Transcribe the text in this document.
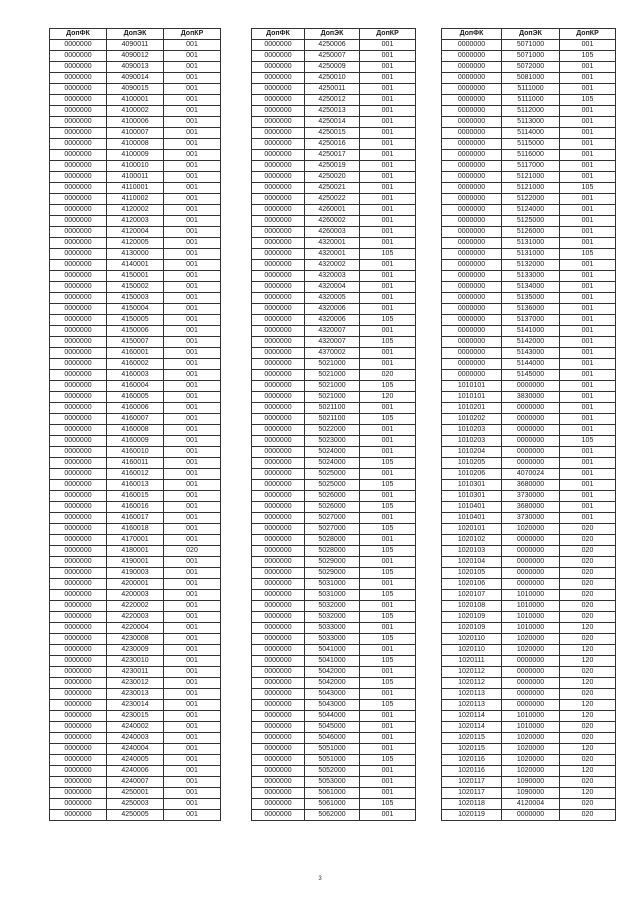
ДопФК	ДопЭК	ДопКР
0000000	4090011	001
0000000	4090012	001
0000000	4090013	001
0000000	4090014	001
0000000	4090015	001
0000000	4100001	001
0000000	4100002	001
0000000	4100006	001
0000000	4100007	001
0000000	4100008	001
0000000	4100009	001
0000000	4100010	001
0000000	4100011	001
0000000	4110001	001
0000000	4110002	001
0000000	4120002	001
0000000	4120003	001
0000000	4120004	001
0000000	4120005	001
0000000	4130000	001
0000000	4140001	001
0000000	4150001	001
0000000	4150002	001
0000000	4150003	001
0000000	4150004	001
0000000	4150005	001
0000000	4150006	001
0000000	4150007	001
0000000	4160001	001
0000000	4160002	001
0000000	4160003	001
0000000	4160004	001
0000000	4160005	001
0000000	4160006	001
0000000	4160007	001
0000000	4160008	001
0000000	4160009	001
0000000	4160010	001
0000000	4160011	001
0000000	4160012	001
0000000	4160013	001
0000000	4160015	001
0000000	4160016	001
0000000	4160017	001
0000000	4160018	001
0000000	4170001	001
0000000	4180001	020
0000000	4190001	001
0000000	4190003	001
0000000	4200001	001
0000000	4200003	001
0000000	4220002	001
0000000	4220003	001
0000000	4220004	001
0000000	4230008	001
0000000	4230009	001
0000000	4230010	001
0000000	4230011	001
0000000	4230012	001
0000000	4230013	001
0000000	4230014	001
0000000	4230015	001
0000000	4240002	001
0000000	4240003	001
0000000	4240004	001
0000000	4240005	001
0000000	4240006	001
0000000	4240007	001
0000000	4250001	001
0000000	4250003	001
0000000	4250005	001
ДопФК	ДопЭК	ДопКР
0000000	4250006	001
0000000	4250007	001
0000000	4250009	001
0000000	4250010	001
0000000	4250011	001
0000000	4250012	001
0000000	4250013	001
0000000	4250014	001
0000000	4250015	001
0000000	4250016	001
0000000	4250017	001
0000000	4250019	001
0000000	4250020	001
0000000	4250021	001
0000000	4250022	001
0000000	4260001	001
0000000	4260002	001
0000000	4260003	001
0000000	4320001	001
0000000	4320001	105
0000000	4320002	001
0000000	4320003	001
0000000	4320004	001
0000000	4320005	001
0000000	4320006	001
0000000	4320006	105
0000000	4320007	001
0000000	4320007	105
0000000	4370002	001
0000000	5021000	001
0000000	5021000	020
0000000	5021000	105
0000000	5021000	120
0000000	5021100	001
0000000	5021100	105
0000000	5022000	001
0000000	5023000	001
0000000	5024000	001
0000000	5024000	105
0000000	5025000	001
0000000	5025000	105
0000000	5026000	001
0000000	5026000	105
0000000	5027000	001
0000000	5027000	105
0000000	5028000	001
0000000	5028000	105
0000000	5029000	001
0000000	5029000	105
0000000	5031000	001
0000000	5031000	105
0000000	5032000	001
0000000	5032000	105
0000000	5033000	001
0000000	5033000	105
0000000	5041000	001
0000000	5041000	105
0000000	5042000	001
0000000	5042000	105
0000000	5043000	001
0000000	5043000	105
0000000	5044000	001
0000000	5045000	001
0000000	5046000	001
0000000	5051000	001
0000000	5051000	105
0000000	5052000	001
0000000	5053000	001
0000000	5061000	001
0000000	5061000	105
0000000	5062000	001
ДопФК	ДопЭК	ДопКР
0000000	5071000	001
0000000	5071000	105
0000000	5072000	001
0000000	5081000	001
0000000	5111000	001
0000000	5111000	105
0000000	5112000	001
0000000	5113000	001
0000000	5114000	001
0000000	5115000	001
0000000	5116000	001
0000000	5117000	001
0000000	5121000	001
0000000	5121000	105
0000000	5122000	001
0000000	5124000	001
0000000	5125000	001
0000000	5126000	001
0000000	5131000	001
0000000	5131000	105
0000000	5132000	001
0000000	5133000	001
0000000	5134000	001
0000000	5135000	001
0000000	5136000	001
0000000	5137000	001
0000000	5141000	001
0000000	5142000	001
0000000	5143000	001
0000000	5144000	001
0000000	5145000	001
1010101	0000000	001
1010101	3830000	001
1010201	0000000	001
1010202	0000000	001
1010203	0000000	001
1010203	0000000	105
1010204	0000000	001
1010205	0000000	001
1010206	4070024	001
1010301	3680000	001
1010301	3730000	001
1010401	3680000	001
1010401	3730000	001
1020101	1020000	020
1020102	0000000	020
1020103	0000000	020
1020104	0000000	020
1020105	0000000	020
1020106	0000000	020
1020107	1010000	020
1020108	1010000	020
1020109	1010000	020
1020109	1010000	120
1020110	1020000	020
1020110	1020000	120
1020111	0000000	120
1020112	0000000	020
1020112	0000000	120
1020113	0000000	020
1020113	0000000	120
1020114	1010000	120
1020114	1010000	020
1020115	1020000	020
1020115	1020000	120
1020116	1020000	020
1020116	1020000	120
1020117	1090000	020
1020117	1090000	120
1020118	4120004	020
1020119	0000000	020
3
